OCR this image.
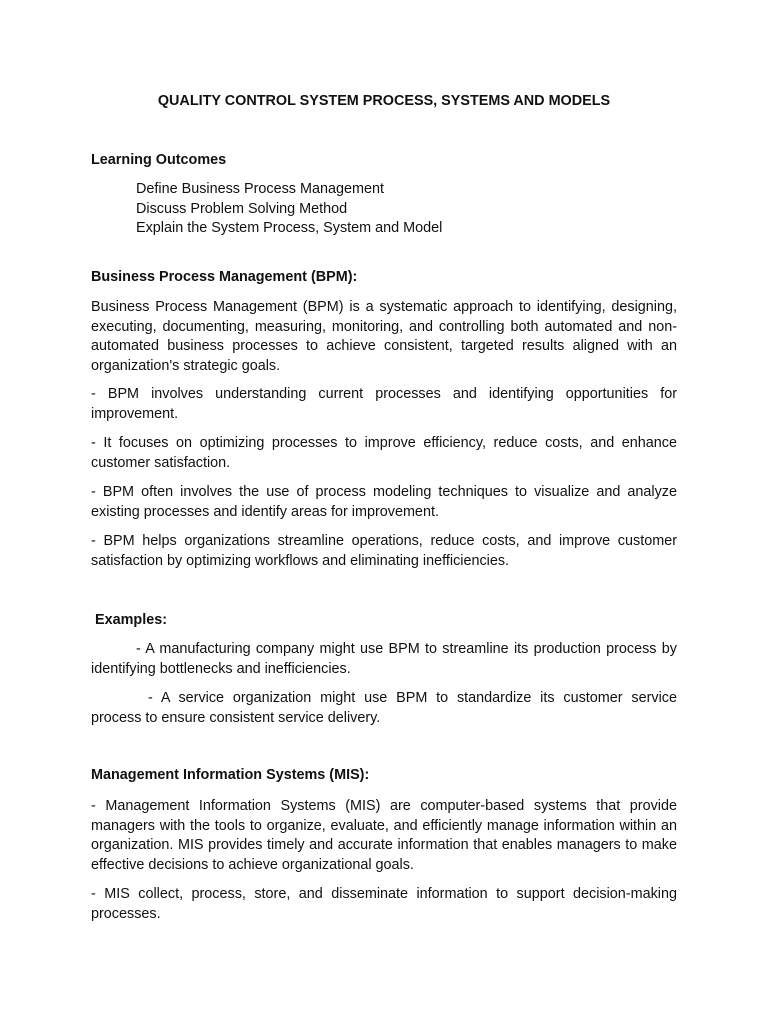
QUALITY CONTROL SYSTEM PROCESS, SYSTEMS AND MODELS

Learning Outcomes

Define Business Process Management
Discuss Problem Solving Method
Explain the System Process, System and Model

Business Process Management (BPM):

Business Process Management (BPM) is a systematic approach to identifying, designing, executing, documenting, measuring, monitoring, and controlling both automated and non-automated business processes to achieve consistent, targeted results aligned with an organization's strategic goals.

- BPM involves understanding current processes and identifying opportunities for improvement.

- It focuses on optimizing processes to improve efficiency, reduce costs, and enhance customer satisfaction.

- BPM often involves the use of process modeling techniques to visualize and analyze existing processes and identify areas for improvement.

- BPM helps organizations streamline operations, reduce costs, and improve customer satisfaction by optimizing workflows and eliminating inefficiencies.

Examples:

- A manufacturing company might use BPM to streamline its production process by identifying bottlenecks and inefficiencies.

- A service organization might use BPM to standardize its customer service process to ensure consistent service delivery.

Management Information Systems (MIS):

- Management Information Systems (MIS) are computer-based systems that provide managers with the tools to organize, evaluate, and efficiently manage information within an organization. MIS provides timely and accurate information that enables managers to make effective decisions to achieve organizational goals.

- MIS collect, process, store, and disseminate information to support decision-making processes.
